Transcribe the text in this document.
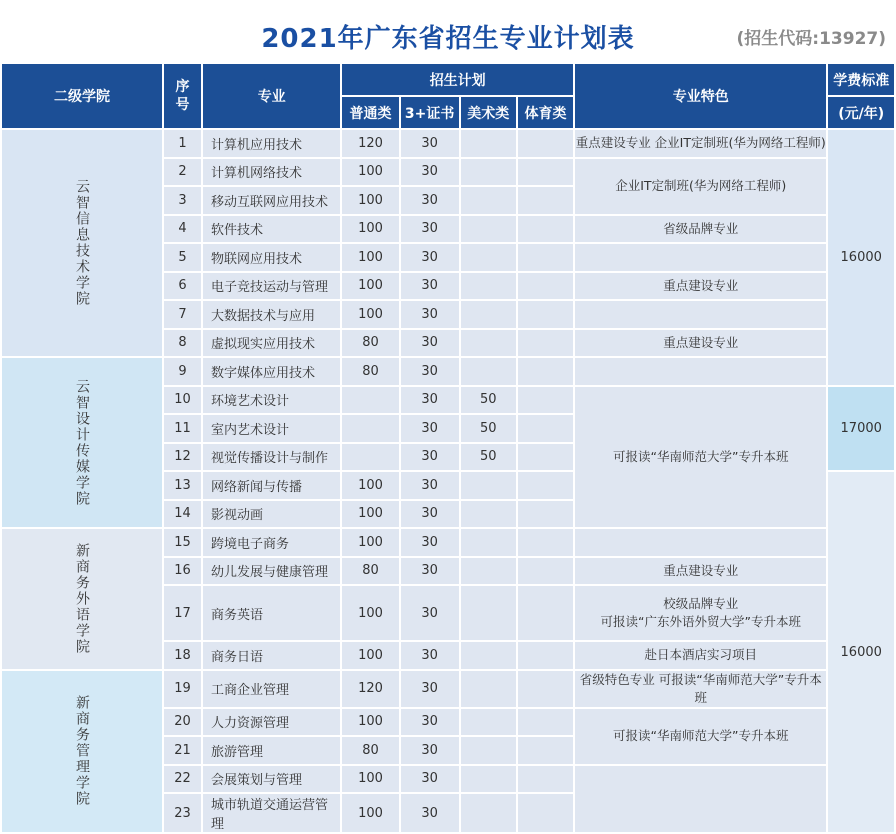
2021年广东省招生专业计划表	(招生代码:13927)
二级学院	序号	专业	招生计划				专业特色	学费标准
			普通类	3+证书	美术类	体育类		(元/年)

云智信息技术学院	1	计算机应用技术	120	30			重点建设专业 企业IT定制班(华为网络工程师)	16000
	2	计算机网络技术	100	30			企业IT定制班(华为网络工程师)	
	3	移动互联网应用技术	100	30				
	4	软件技术	100	30			省级品牌专业	
	5	物联网应用技术	100	30				
	6	电子竞技运动与管理	100	30			重点建设专业	
	7	大数据技术与应用	100	30				
	8	虚拟现实应用技术	80	30			重点建设专业	

云智设计传媒学院	9	数字媒体应用技术	80	30				
	10	环境艺术设计		30	50		可报读“华南师范大学”专升本班	17000
	11	室内艺术设计		30	50			
	12	视觉传播设计与制作		30	50			
	13	网络新闻与传播	100	30				16000
	14	影视动画	100	30				

新商务外语学院	15	跨境电子商务	100	30				
	16	幼儿发展与健康管理	80	30			重点建设专业	
	17	商务英语	100	30			校级品牌专业
可报读“广东外语外贸大学”专升本班	

	18	商务日语	100	30			赴日本酒店实习项目	

新商务管理学院	19	工商企业管理	120	30			省级特色专业 可报读“华南师范大学”专升本班	
	20	人力资源管理	100	30			可报读“华南师范大学”专升本班	
	21	旅游管理	80	30				
	22	会展策划与管理	100	30				
	23	城市轨道交通运营管理	100	30				
